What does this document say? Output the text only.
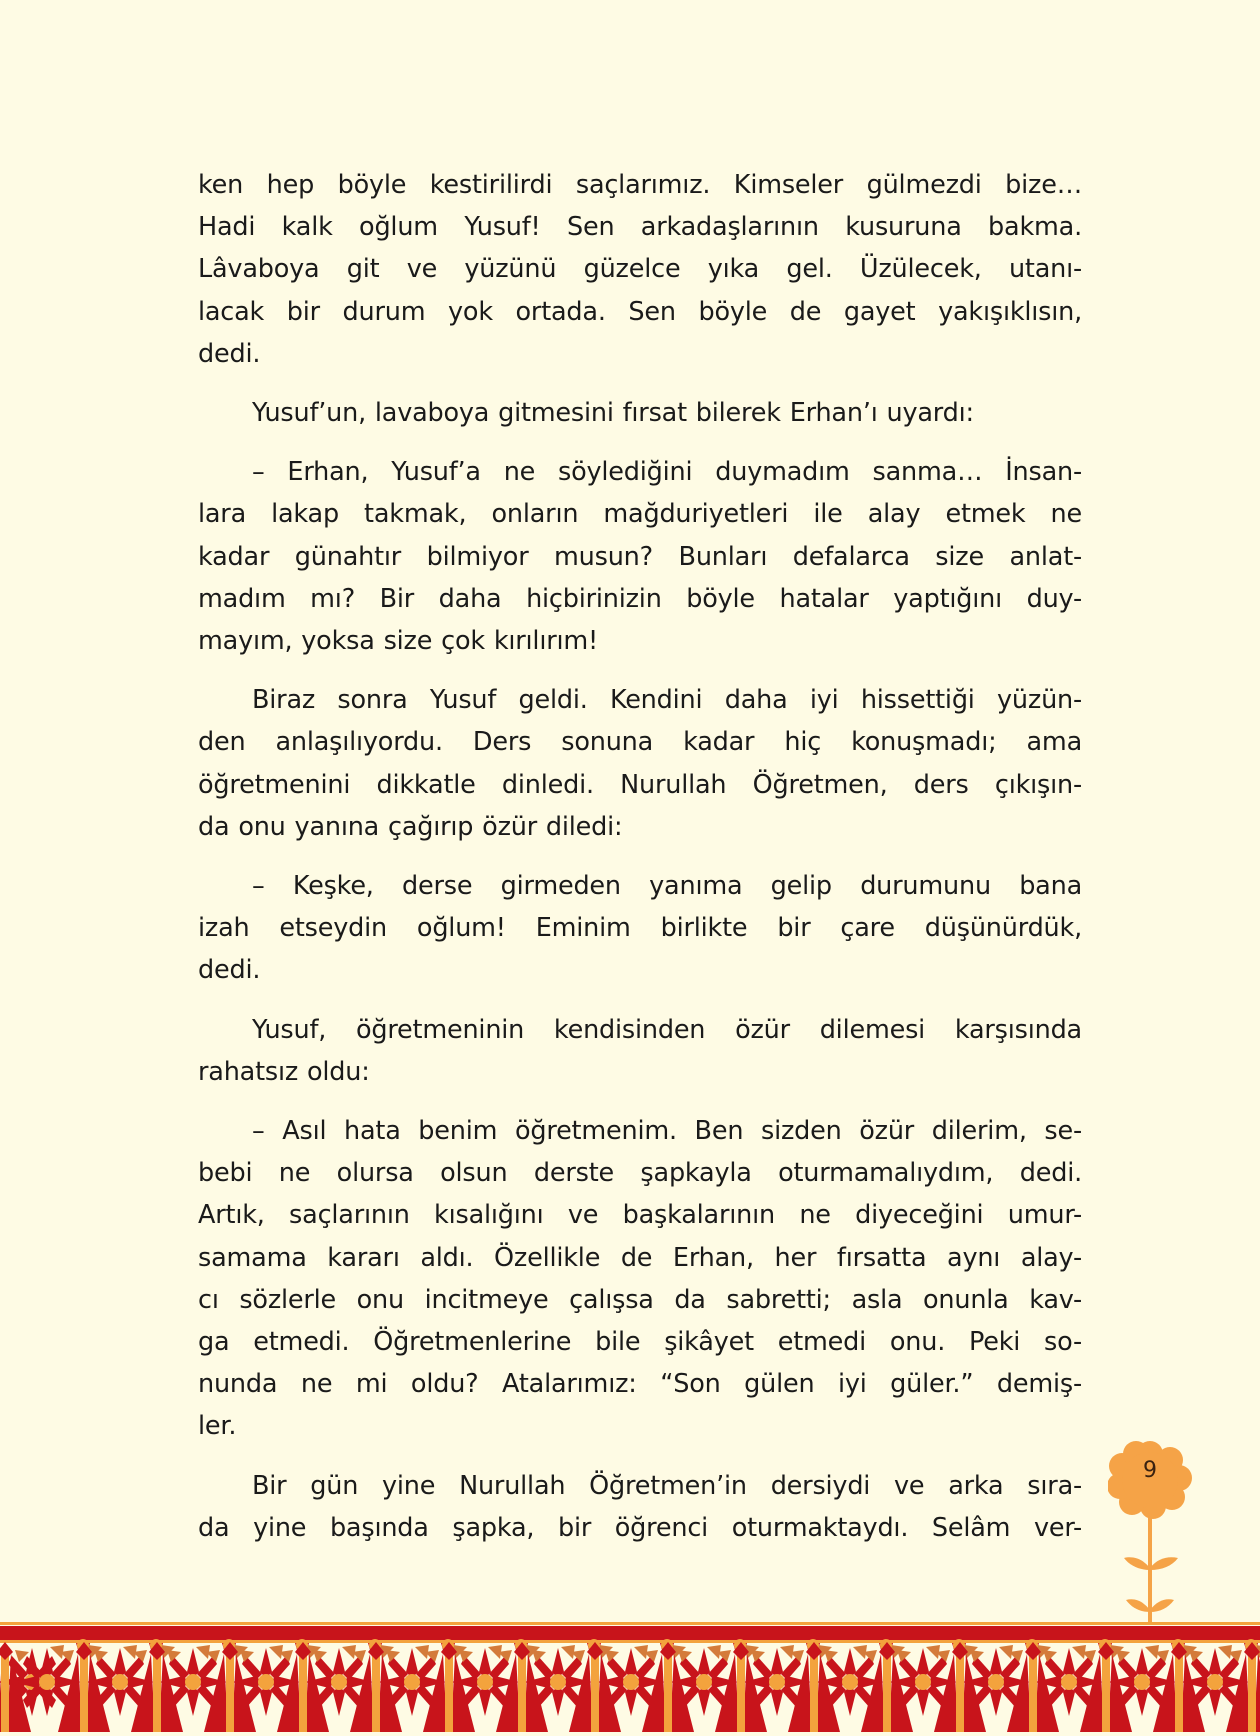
ken hep böyle kestirilirdi saçlarımız. Kimseler gülmezdi bize…
Hadi kalk oğlum Yusuf! Sen arkadaşlarının kusuruna bakma.
Lâvaboya git ve yüzünü güzelce yıka gel. Üzülecek, utanı-
lacak bir durum yok ortada. Sen böyle de gayet yakışıklısın,
dedi.
Yusuf’un, lavaboya gitmesini fırsat bilerek Erhan’ı uyardı:
– Erhan, Yusuf’a ne söylediğini duymadım sanma… İnsan-
lara lakap takmak, onların mağduriyetleri ile alay etmek ne
kadar günahtır bilmiyor musun? Bunları defalarca size anlat-
madım mı? Bir daha hiçbirinizin böyle hatalar yaptığını duy-
mayım, yoksa size çok kırılırım!
Biraz sonra Yusuf geldi. Kendini daha iyi hissettiği yüzün-
den anlaşılıyordu. Ders sonuna kadar hiç konuşmadı; ama
öğretmenini dikkatle dinledi. Nurullah Öğretmen, ders çıkışın-
da onu yanına çağırıp özür diledi:
– Keşke, derse girmeden yanıma gelip durumunu bana
izah etseydin oğlum! Eminim birlikte bir çare düşünürdük,
dedi.
Yusuf, öğretmeninin kendisinden özür dilemesi karşısında
rahatsız oldu:
– Asıl hata benim öğretmenim. Ben sizden özür dilerim, se-
bebi ne olursa olsun derste şapkayla oturmamalıydım, dedi.
Artık, saçlarının kısalığını ve başkalarının ne diyeceğini umur-
samama kararı aldı. Özellikle de Erhan, her fırsatta aynı alay-
cı sözlerle onu incitmeye çalışsa da sabretti; asla onunla kav-
ga etmedi. Öğretmenlerine bile şikâyet etmedi onu. Peki so-
nunda ne mi oldu? Atalarımız: “Son gülen iyi güler.” demiş-
ler.
Bir gün yine Nurullah Öğretmen’in dersiydi ve arka sıra-
da yine başında şapka, bir öğrenci oturmaktaydı. Selâm ver-
9
